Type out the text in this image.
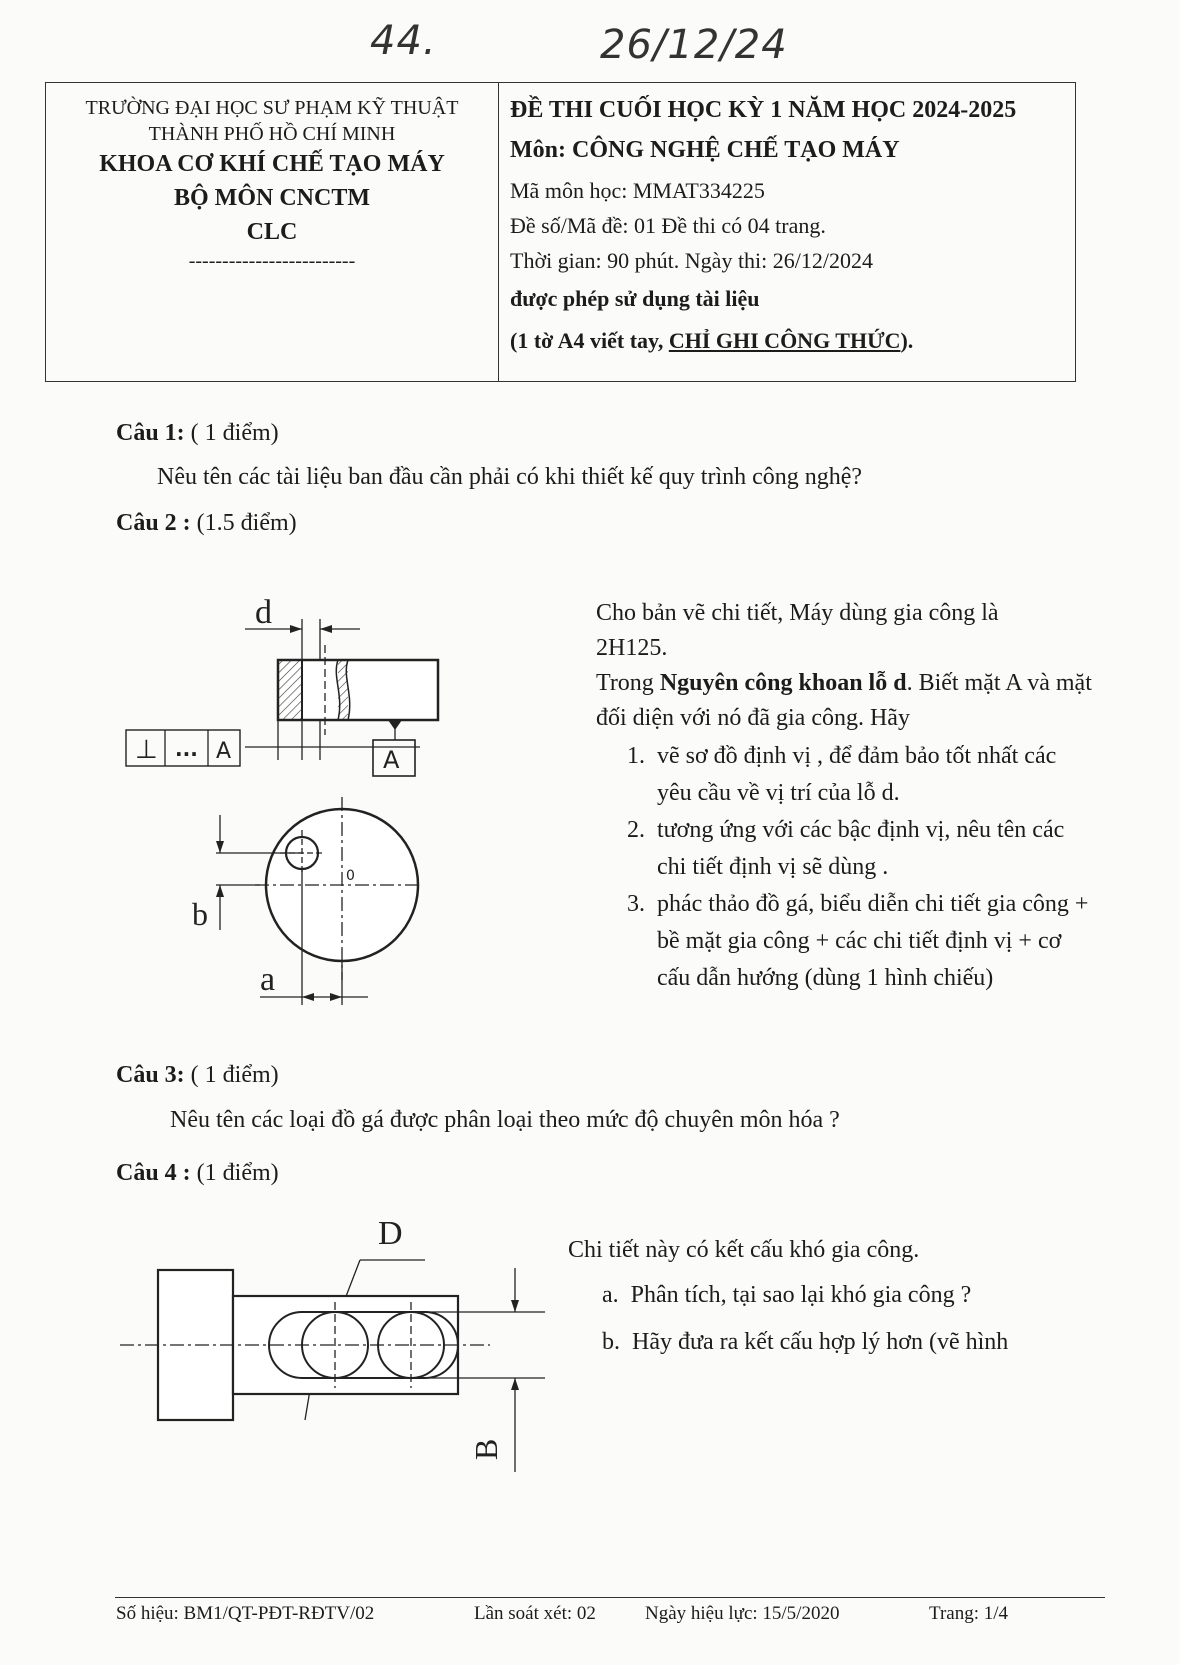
44.	26/12/24
TRƯỜNG ĐẠI HỌC SƯ PHẠM KỸ THUẬT
THÀNH PHỐ HỒ CHÍ MINH
KHOA CƠ KHÍ CHẾ TẠO MÁY
BỘ MÔN CNCTM
CLC
-------------------------
ĐỀ THI CUỐI HỌC KỲ 1 NĂM HỌC 2024-2025
Môn: CÔNG NGHỆ CHẾ TẠO MÁY
Mã môn học: MMAT334225
Đề số/Mã đề: 01 Đề thi có 04 trang.
Thời gian: 90 phút. Ngày thi: 26/12/2024
được phép sử dụng tài liệu
(1 tờ A4 viết tay, CHỈ GHI CÔNG THỨC).
Câu 1: ( 1 điểm)
Nêu tên các tài liệu ban đầu cần phải có khi thiết kế quy trình công nghệ?
Câu 2 : (1.5 điểm)
d
⊥ ... A	A
0
b
a
Cho bản vẽ chi tiết, Máy dùng gia công là
2H125.
Trong Nguyên công khoan lỗ d. Biết mặt A và mặt đối diện với nó đã gia công. Hãy
1. vẽ sơ đồ định vị , để đảm bảo tốt nhất các yêu cầu về vị trí của lỗ d.
2. tương ứng với các bậc định vị, nêu tên các chi tiết định vị sẽ dùng .
3. phác thảo đồ gá, biểu diễn chi tiết gia công + bề mặt gia công + các chi tiết định vị + cơ cấu dẫn hướng (dùng 1 hình chiếu)
Câu 3: ( 1 điểm)
Nêu tên các loại đồ gá được phân loại theo mức độ chuyên môn hóa ?
Câu 4 : (1 điểm)
D
B
Chi tiết này có kết cấu khó gia công.
a. Phân tích, tại sao lại khó gia công ?
b. Hãy đưa ra kết cấu hợp lý hơn (vẽ hình
Số hiệu: BM1/QT-PĐT-RĐTV/02	Lần soát xét: 02	Ngày hiệu lực: 15/5/2020	Trang: 1/4
